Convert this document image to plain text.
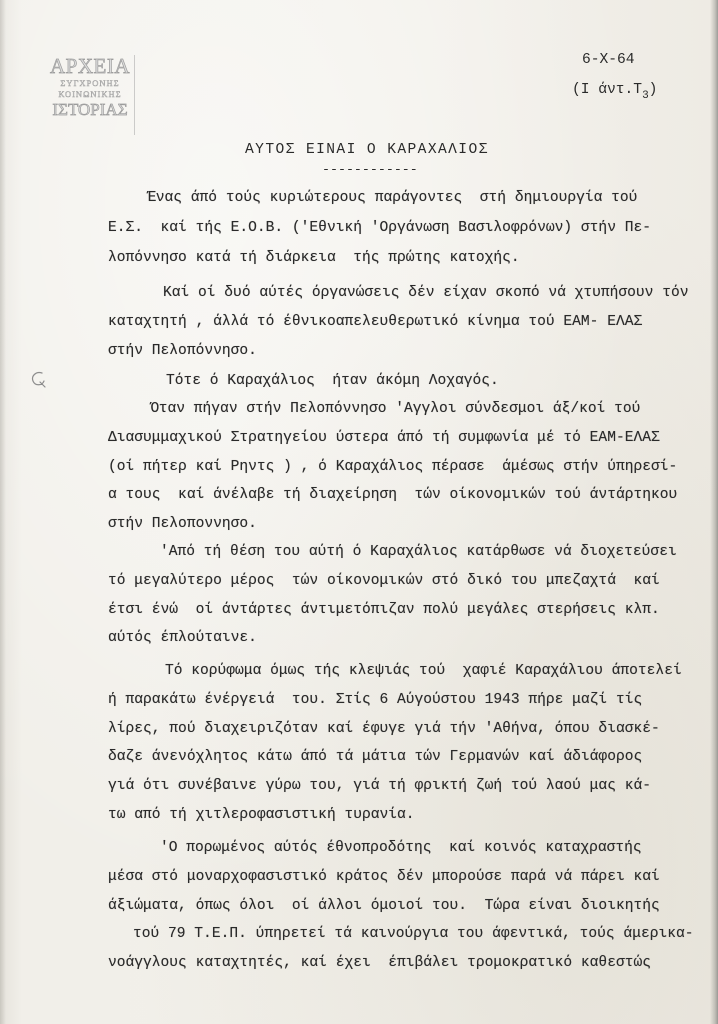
ΑΡΧΕΙΑ
ΣΥΓΧΡΟΝΗΣ
ΚΟΙΝΩΝΙΚΗΣ
ΙΣΤΟΡΙΑΣ
6-X-64
(I $ά\nu\tau.T_3$)
ΑΥΤΟΣ ΕΙΝΑΙ Ο ΚΑΡΑΧΑΛΙΟΣ
------------
Ένας άπό τούς κυριώτερους παράγοντες  στή δημιουργία τού
Ε.Σ.  καί τής Ε.Ο.Β. ('Εθνική 'Οργάνωση Βασιλοφρόνων) στήν Πε-
λοπόννησο κατά τή διάρκεια  τής πρώτης κατοχής.
Καί οί δυό αύτές όργανώσεις δέν είχαν σκοπό νά χτυπήσουν τόν
καταχτητή , άλλά τό έθνικοαπελευθερωτικό κίνημα τού ΕΑΜ- ΕΛΑΣ
στήν Πελοπόννησο.
Τότε ό Καραχάλιος  ήταν άκόμη Λοχαγός.
Όταν πήγαν στήν Πελοπόννησο 'Αγγλοι σύνδεσμοι άξ/κοί τού
Διασυμμαχικού Στρατηγείου ύστερα άπό τή συμφωνία μέ τό ΕΑΜ-ΕΛΑΣ
(οί πήτερ καί Ρηντς ) , ό Καραχάλιος πέρασε  άμέσως στήν ύπηρεσί-
α τους  καί άνέλαβε τή διαχείρηση  τών οίκονομικών τού άντάρτηκου
στήν Πελοποννησο.
'Από τή θέση του αύτή ό Καραχάλιος κατάρθωσε νά διοχετεύσει
τό μεγαλύτερο μέρος  τών οίκονομικών στό δικό του μπεζαχτά  καί
έτσι ένώ  οί άντάρτες άντιμετόπιζαν πολύ μεγάλες στερήσεις κλπ.
αύτός έπλούταινε.
Τό κορύφωμα όμως τής κλεψιάς τού  χαφιέ Καραχάλιου άποτελεί
ή παρακάτω ένέργειά  του. Στίς 6 Αύγούστου 1943 πήρε μαζί τίς
λίρες, πού διαχειριζόταν καί έφυγε γιά τήν 'Αθήνα, όπου διασκέ-
δαζε άνενόχλητος κάτω άπό τά μάτια τών Γερμανών καί άδιάφορος
γιά ότι συνέβαινε γύρω του, γιά τή φρικτή ζωή τού λαού μας κά-
τω από τή χιτλεροφασιστική τυρανία.
'Ο πορωμένος αύτός έθνοπροδότης  καί κοινός καταχραστής
μέσα στό μοναρχοφασιστικό κράτος δέν μπορούσε παρά νά πάρει καί
άξιώματα, όπως όλοι  οί άλλοι όμοιοί του.  Τώρα είναι διοικητής
τού 79 Τ.Ε.Π. ύπηρετεί τά καινούργια του άφεντικά, τούς άμερικα-
νοάγγλους καταχτητές, καί έχει  έπιβάλει τρομοκρατικό καθεστώς
